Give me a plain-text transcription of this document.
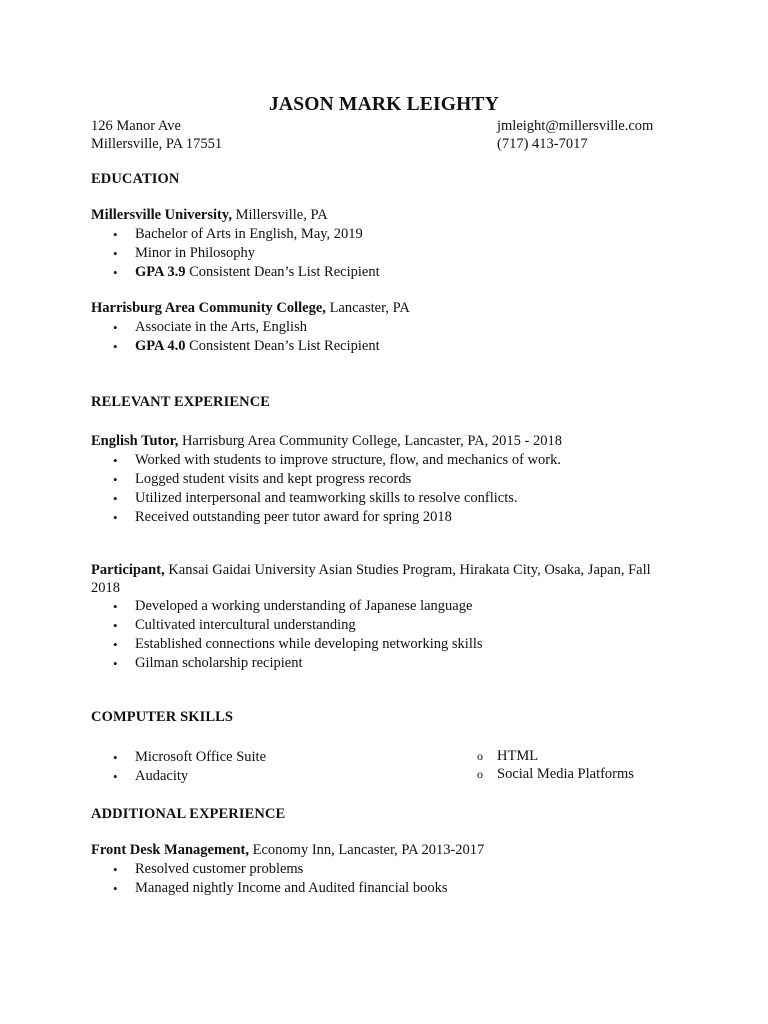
JASON MARK LEIGHTY
126 Manor Ave
Millersville, PA 17551
jmleight@millersville.com
(717) 413-7017
EDUCATION
Millersville University, Millersville, PA
• Bachelor of Arts in English, May, 2019
• Minor in Philosophy
• GPA 3.9 Consistent Dean’s List Recipient
Harrisburg Area Community College, Lancaster, PA
• Associate in the Arts, English
• GPA 4.0 Consistent Dean’s List Recipient
RELEVANT EXPERIENCE
English Tutor, Harrisburg Area Community College, Lancaster, PA, 2015 - 2018
• Worked with students to improve structure, flow, and mechanics of work.
• Logged student visits and kept progress records
• Utilized interpersonal and teamworking skills to resolve conflicts.
• Received outstanding peer tutor award for spring 2018
Participant, Kansai Gaidai University Asian Studies Program, Hirakata City, Osaka, Japan, Fall
2018
• Developed a working understanding of Japanese language
• Cultivated intercultural understanding
• Established connections while developing networking skills
• Gilman scholarship recipient
COMPUTER SKILLS
• Microsoft Office Suite
• Audacity
o HTML
o Social Media Platforms
ADDITIONAL EXPERIENCE
Front Desk Management, Economy Inn, Lancaster, PA 2013-2017
• Resolved customer problems
• Managed nightly Income and Audited financial books
